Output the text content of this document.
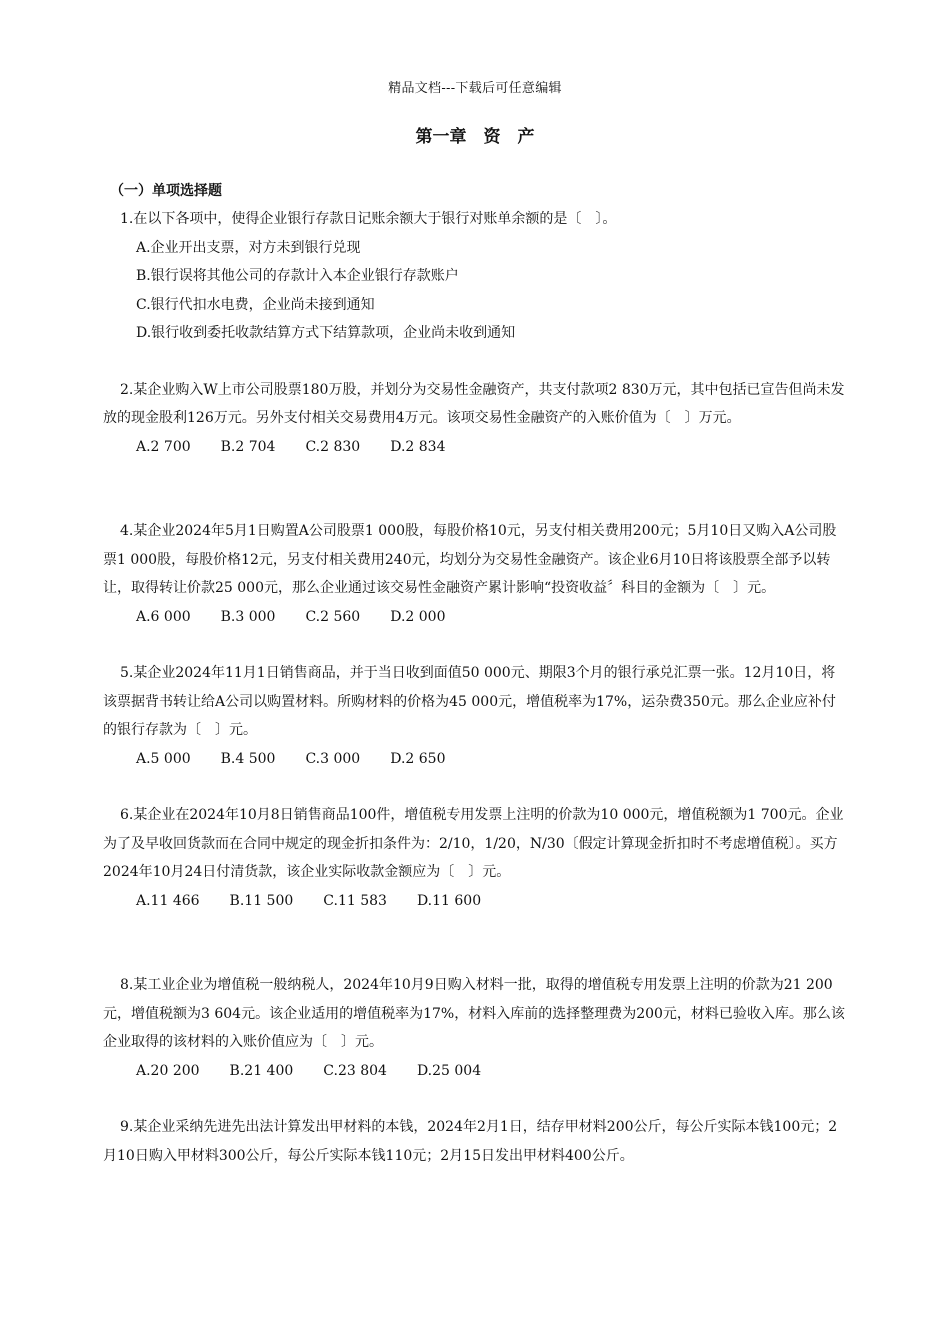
精品文档---下载后可任意编辑
第一章　资　产
（一）单项选择题

1.在以下各项中，使得企业银行存款日记账余额大于银行对账单余额的是〔　〕。

A.企业开出支票，对方未到银行兑现

B.银行误将其他公司的存款计入本企业银行存款账户

C.银行代扣水电费，企业尚未接到通知

D.银行收到委托收款结算方式下结算款项，企业尚未收到通知

2.某企业购入W上市公司股票180万股，并划分为交易性金融资产，共支付款项2 830万元，其中包括已宣告但尚未发放的现金股利126万元。另外支付相关交易费用4万元。该项交易性金融资产的入账价值为〔　〕万元。

A.2 700 B.2 704 C.2 830 D.2 834

4.某企业2024年5月1日购置A公司股票1 000股，每股价格10元，另支付相关费用200元；5月10日又购入A公司股票1 000股，每股价格12元，另支付相关费用240元，均划分为交易性金融资产。该企业6月10日将该股票全部予以转让，取得转让价款25 000元，那么企业通过该交易性金融资产累计影响“投资收益〞科目的金额为〔　〕元。

A.6 000 B.3 000 C.2 560 D.2 000

5.某企业2024年11月1日销售商品，并于当日收到面值50 000元、期限3个月的银行承兑汇票一张。12月10日，将该票据背书转让给A公司以购置材料。所购材料的价格为45 000元，增值税率为17%，运杂费350元。那么企业应补付的银行存款为〔　〕元。

A.5 000 B.4 500 C.3 000 D.2 650

6.某企业在2024年10月8日销售商品100件，增值税专用发票上注明的价款为10 000元，增值税额为1 700元。企业为了及早收回货款而在合同中规定的现金折扣条件为：2/10，1/20，N/30〔假定计算现金折扣时不考虑增值税〕。买方2024年10月24日付清货款，该企业实际收款金额应为〔　〕元。

A.11 466 B.11 500 C.11 583 D.11 600

8.某工业企业为增值税一般纳税人，2024年10月9日购入材料一批，取得的增值税专用发票上注明的价款为21 200元，增值税额为3 604元。该企业适用的增值税率为17%，材料入库前的选择整理费为200元，材料已验收入库。那么该企业取得的该材料的入账价值应为〔　〕元。

A.20 200 B.21 400 C.23 804 D.25 004

9.某企业采纳先进先出法计算发出甲材料的本钱，2024年2月1日，结存甲材料200公斤，每公斤实际本钱100元；2月10日购入甲材料300公斤，每公斤实际本钱110元；2月15日发出甲材料400公斤。
